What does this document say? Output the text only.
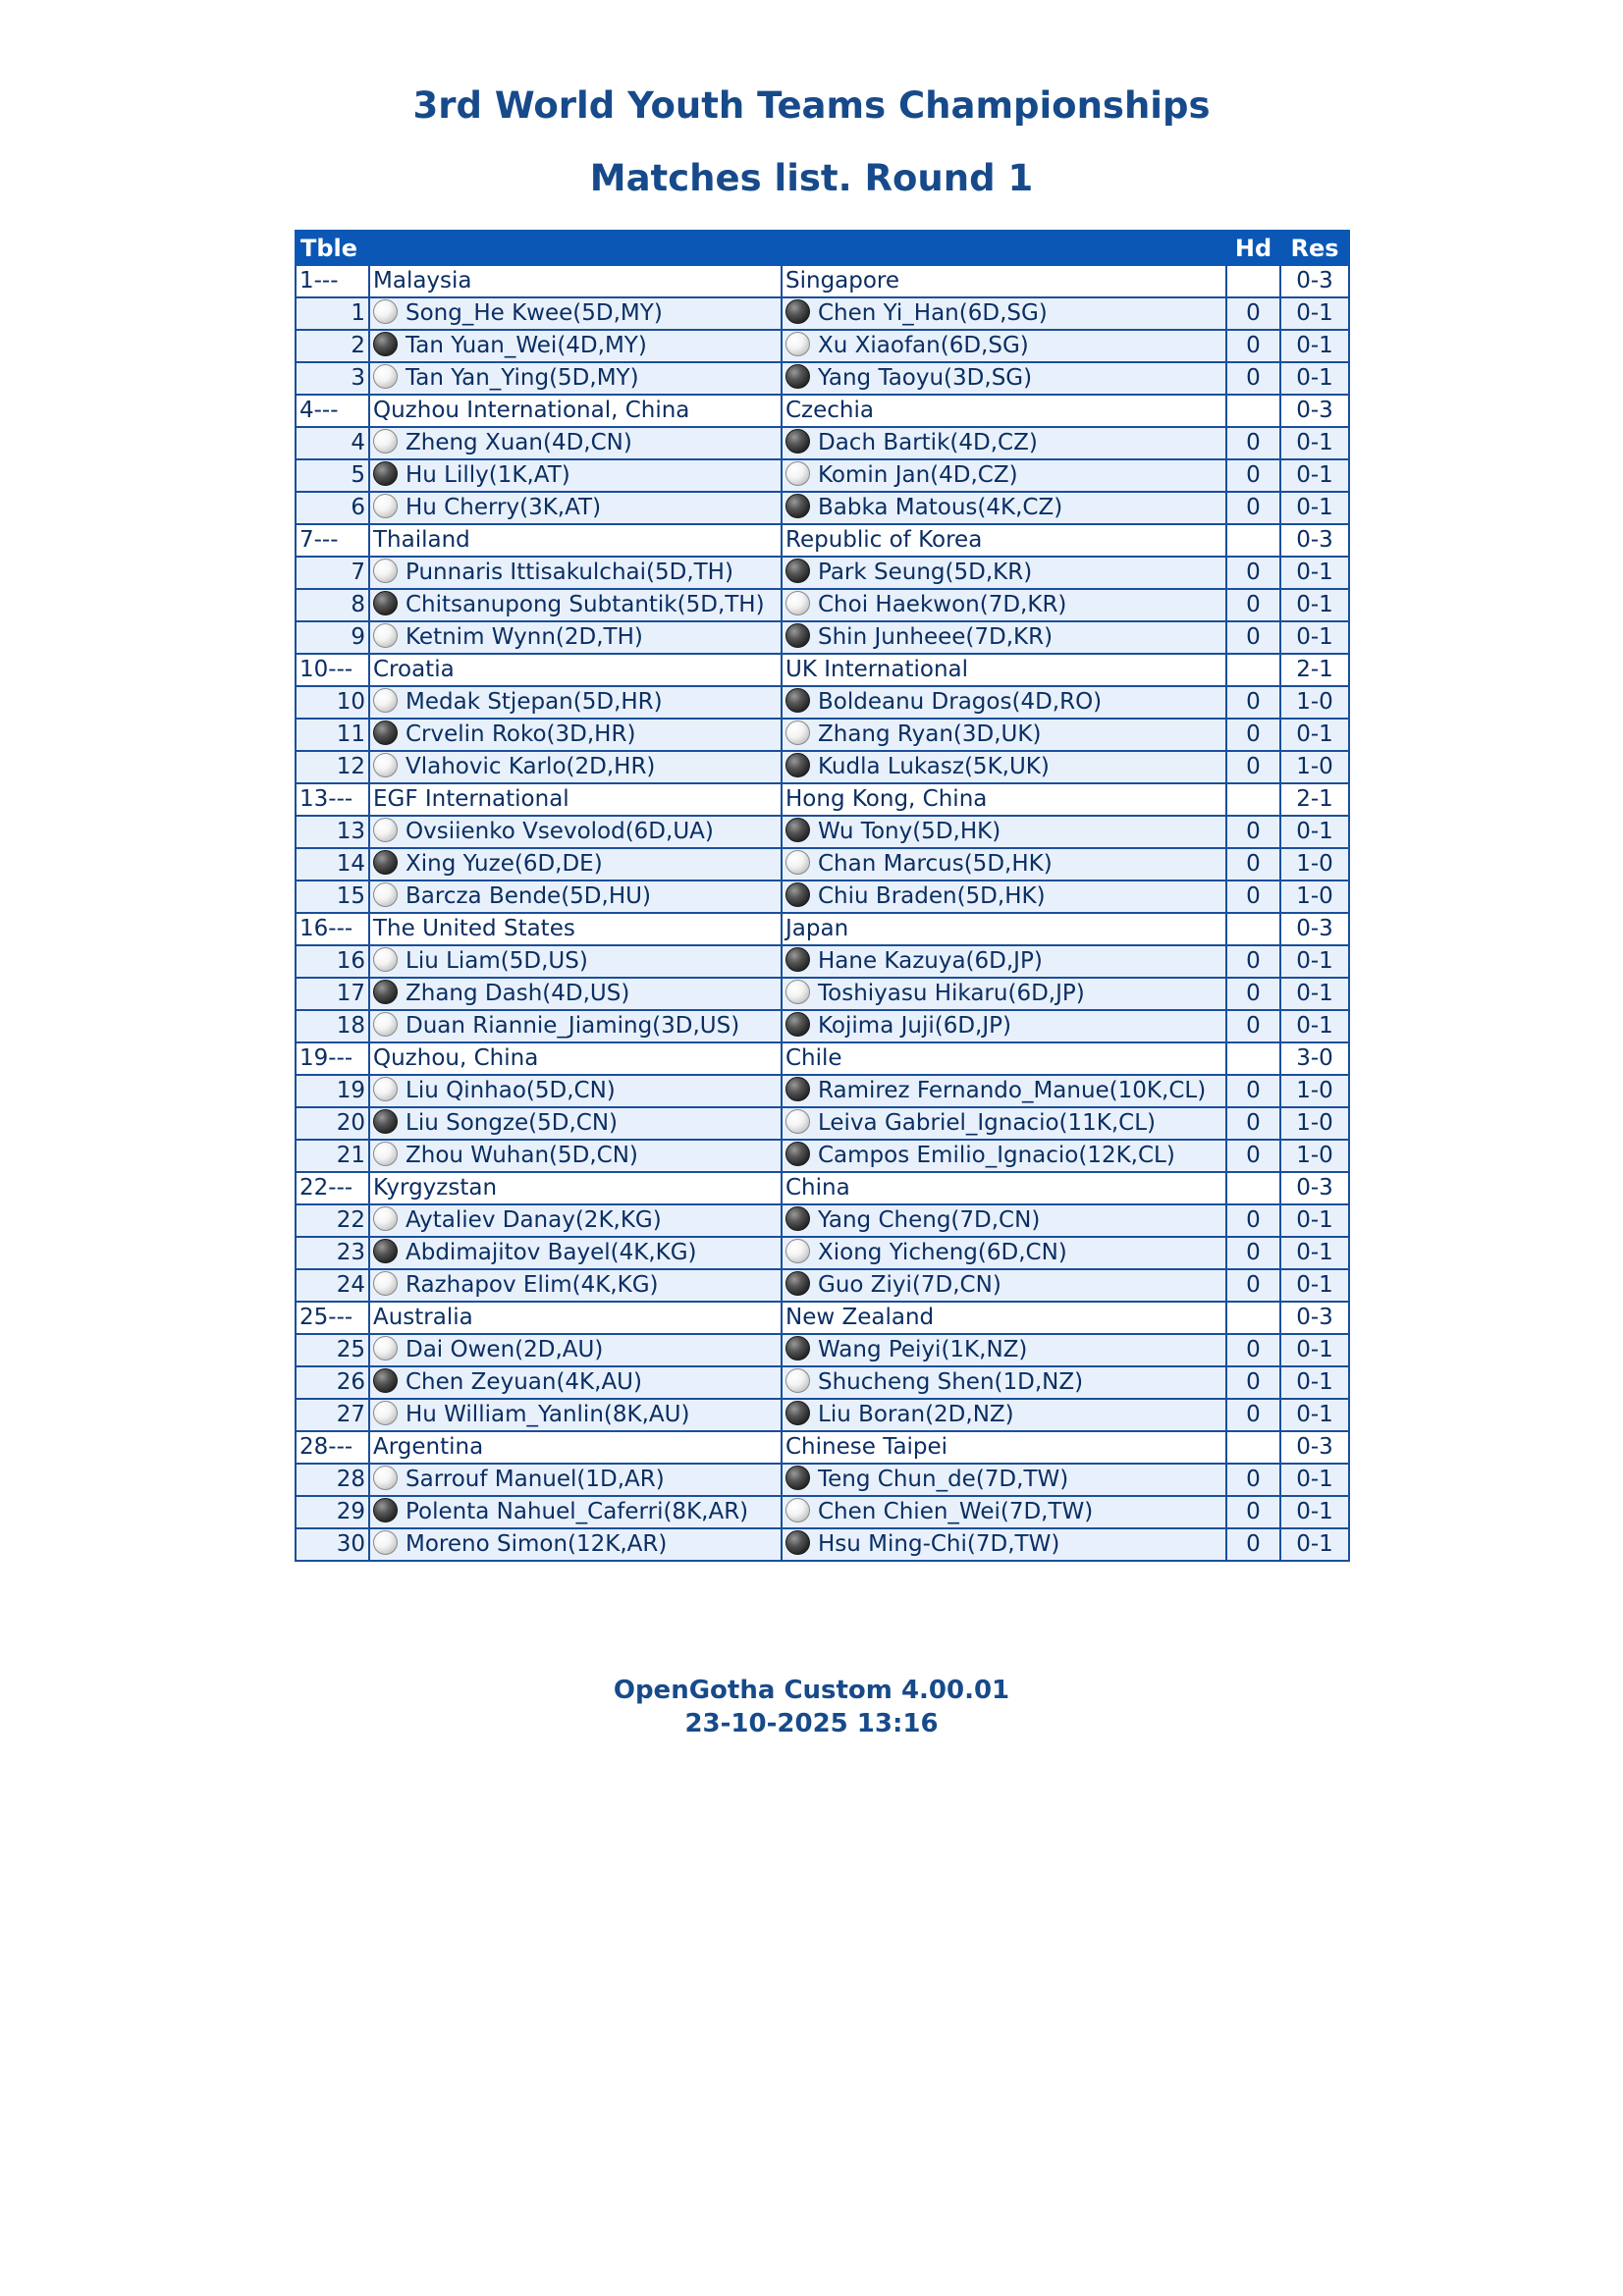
3rd World Youth Teams Championships
Matches list. Round 1
Tble			Hd	Res
1---	Malaysia	Singapore		0-3
1	Song_He Kwee(5D,MY)	Chen Yi_Han(6D,SG)	0	0-1
2	Tan Yuan_Wei(4D,MY)	Xu Xiaofan(6D,SG)	0	0-1
3	Tan Yan_Ying(5D,MY)	Yang Taoyu(3D,SG)	0	0-1
4---	Quzhou International, China	Czechia		0-3
4	Zheng Xuan(4D,CN)	Dach Bartik(4D,CZ)	0	0-1
5	Hu Lilly(1K,AT)	Komin Jan(4D,CZ)	0	0-1
6	Hu Cherry(3K,AT)	Babka Matous(4K,CZ)	0	0-1
7---	Thailand	Republic of Korea		0-3
7	Punnaris Ittisakulchai(5D,TH)	Park Seung(5D,KR)	0	0-1
8	Chitsanupong Subtantik(5D,TH)	Choi Haekwon(7D,KR)	0	0-1
9	Ketnim Wynn(2D,TH)	Shin Junheee(7D,KR)	0	0-1
10---	Croatia	UK International		2-1
10	Medak Stjepan(5D,HR)	Boldeanu Dragos(4D,RO)	0	1-0
11	Crvelin Roko(3D,HR)	Zhang Ryan(3D,UK)	0	0-1
12	Vlahovic Karlo(2D,HR)	Kudla Lukasz(5K,UK)	0	1-0
13---	EGF International	Hong Kong, China		2-1
13	Ovsiienko Vsevolod(6D,UA)	Wu Tony(5D,HK)	0	0-1
14	Xing Yuze(6D,DE)	Chan Marcus(5D,HK)	0	1-0
15	Barcza Bende(5D,HU)	Chiu Braden(5D,HK)	0	1-0
16---	The United States	Japan		0-3
16	Liu Liam(5D,US)	Hane Kazuya(6D,JP)	0	0-1
17	Zhang Dash(4D,US)	Toshiyasu Hikaru(6D,JP)	0	0-1
18	Duan Riannie_Jiaming(3D,US)	Kojima Juji(6D,JP)	0	0-1
19---	Quzhou, China	Chile		3-0
19	Liu Qinhao(5D,CN)	Ramirez Fernando_Manue(10K,CL)	0	1-0
20	Liu Songze(5D,CN)	Leiva Gabriel_Ignacio(11K,CL)	0	1-0
21	Zhou Wuhan(5D,CN)	Campos Emilio_Ignacio(12K,CL)	0	1-0
22---	Kyrgyzstan	China		0-3
22	Aytaliev Danay(2K,KG)	Yang Cheng(7D,CN)	0	0-1
23	Abdimajitov Bayel(4K,KG)	Xiong Yicheng(6D,CN)	0	0-1
24	Razhapov Elim(4K,KG)	Guo Ziyi(7D,CN)	0	0-1
25---	Australia	New Zealand		0-3
25	Dai Owen(2D,AU)	Wang Peiyi(1K,NZ)	0	0-1
26	Chen Zeyuan(4K,AU)	Shucheng Shen(1D,NZ)	0	0-1
27	Hu William_Yanlin(8K,AU)	Liu Boran(2D,NZ)	0	0-1
28---	Argentina	Chinese Taipei		0-3
28	Sarrouf Manuel(1D,AR)	Teng Chun_de(7D,TW)	0	0-1
29	Polenta Nahuel_Caferri(8K,AR)	Chen Chien_Wei(7D,TW)	0	0-1
30	Moreno Simon(12K,AR)	Hsu Ming-Chi(7D,TW)	0	0-1
OpenGotha Custom 4.00.01
23-10-2025 13:16
